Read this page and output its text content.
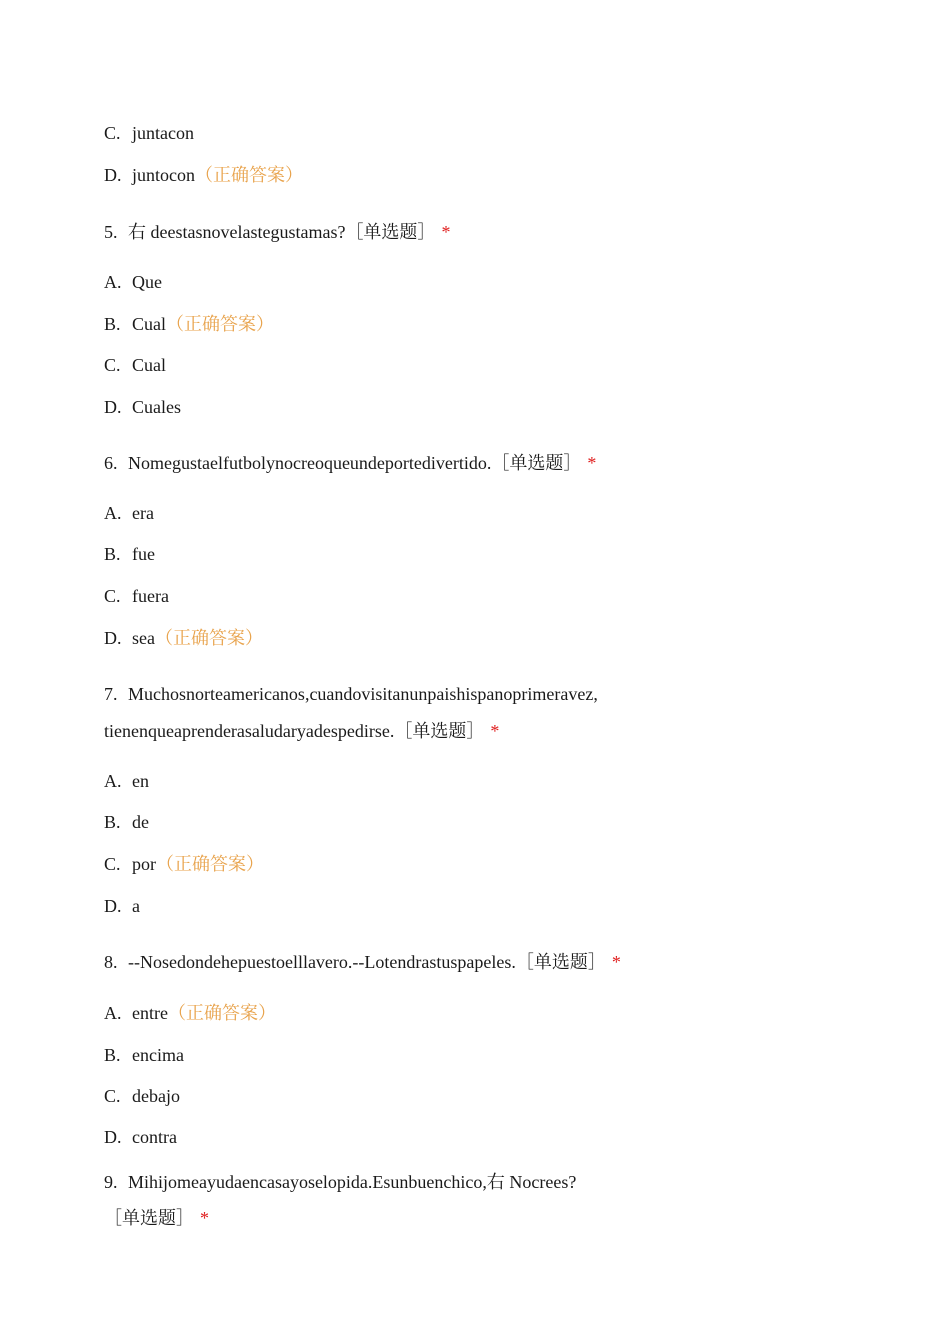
C. juntacon
D. juntocon（正确答案）
5. 右 deestasnovelastegustamas?［单选题］ *
A. Que
B. Cual（正确答案）
C. Cual
D. Cuales
6. Nomegustaelfutbolynocreoqueundeportedivertido.［单选题］ *
A. era
B. fue
C. fuera
D. sea（正确答案）
7. Muchosnorteamericanos,cuandovisitanunpaishispanoprimeravez,
tienenqueaprenderasaludaryadespedirse.［单选题］ *
A. en
B. de
C. por（正确答案）
D. a
8. --Nosedondehepuestoelllavero.--Lotendrastuspapeles.［单选题］ *
A. entre（正确答案）
B. encima
C. debajo
D. contra
9. Mihijomeayudaencasayoselopida.Esunbuenchico,右 Nocrees?
［单选题］ *
